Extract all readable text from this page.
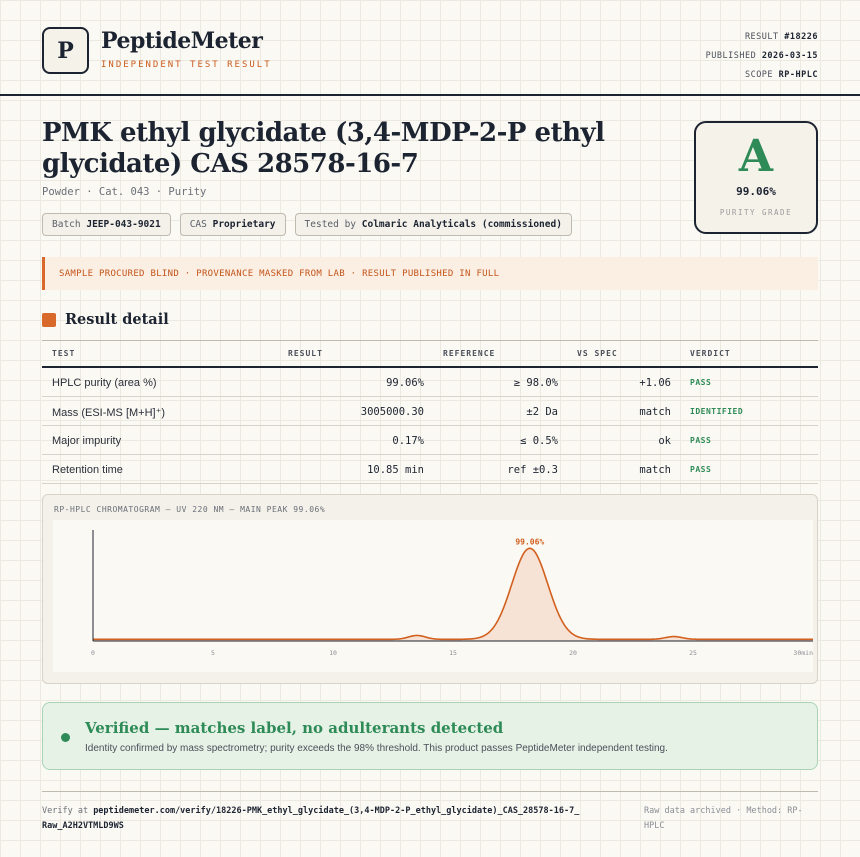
P PeptideMeter
INDEPENDENT TEST RESULT
RESULT #18226
PUBLISHED 2026-03-15
SCOPE RP-HPLC
PMK ethyl glycidate (3,4-MDP-2-P ethyl glycidate) CAS 28578-16-7
Powder · Cat. 043 · Purity
Batch JEEP-043-9021	CAS Proprietary	Tested by Colmaric Analyticals (commissioned)
A
99.06%
PURITY GRADE
SAMPLE PROCURED BLIND · PROVENANCE MASKED FROM LAB · RESULT PUBLISHED IN FULL
Result detail
TEST	RESULT	REFERENCE	VS SPEC	VERDICT
HPLC purity (area %)	99.06%	≥ 98.0%	+1.06 PASS
Mass (ESI-MS [M+H]⁺)	3005000.30	±2 Da	match IDENTIFIED
Major impurity	0.17%	≤ 0.5%	ok PASS
Retention time	10.85 min	ref ±0.3	match PASS
RP-HPLC CHROMATOGRAM — UV 220 NM — MAIN PEAK 99.06%
0	5	10	15	20	25	30min
99.06%
Verified — matches label, no adulterants detected
Identity confirmed by mass spectrometry; purity exceeds the 98% threshold. This product passes PeptideMeter independent testing.
Verify at peptidemeter.com/verify/18226-PMK_ethyl_glycidate_(3,4-MDP-2-P_ethyl_glycidate)_CAS_28578-16-7_Raw_A2H2VTMLD9WS
Raw data archived · Method: RP-HPLC
